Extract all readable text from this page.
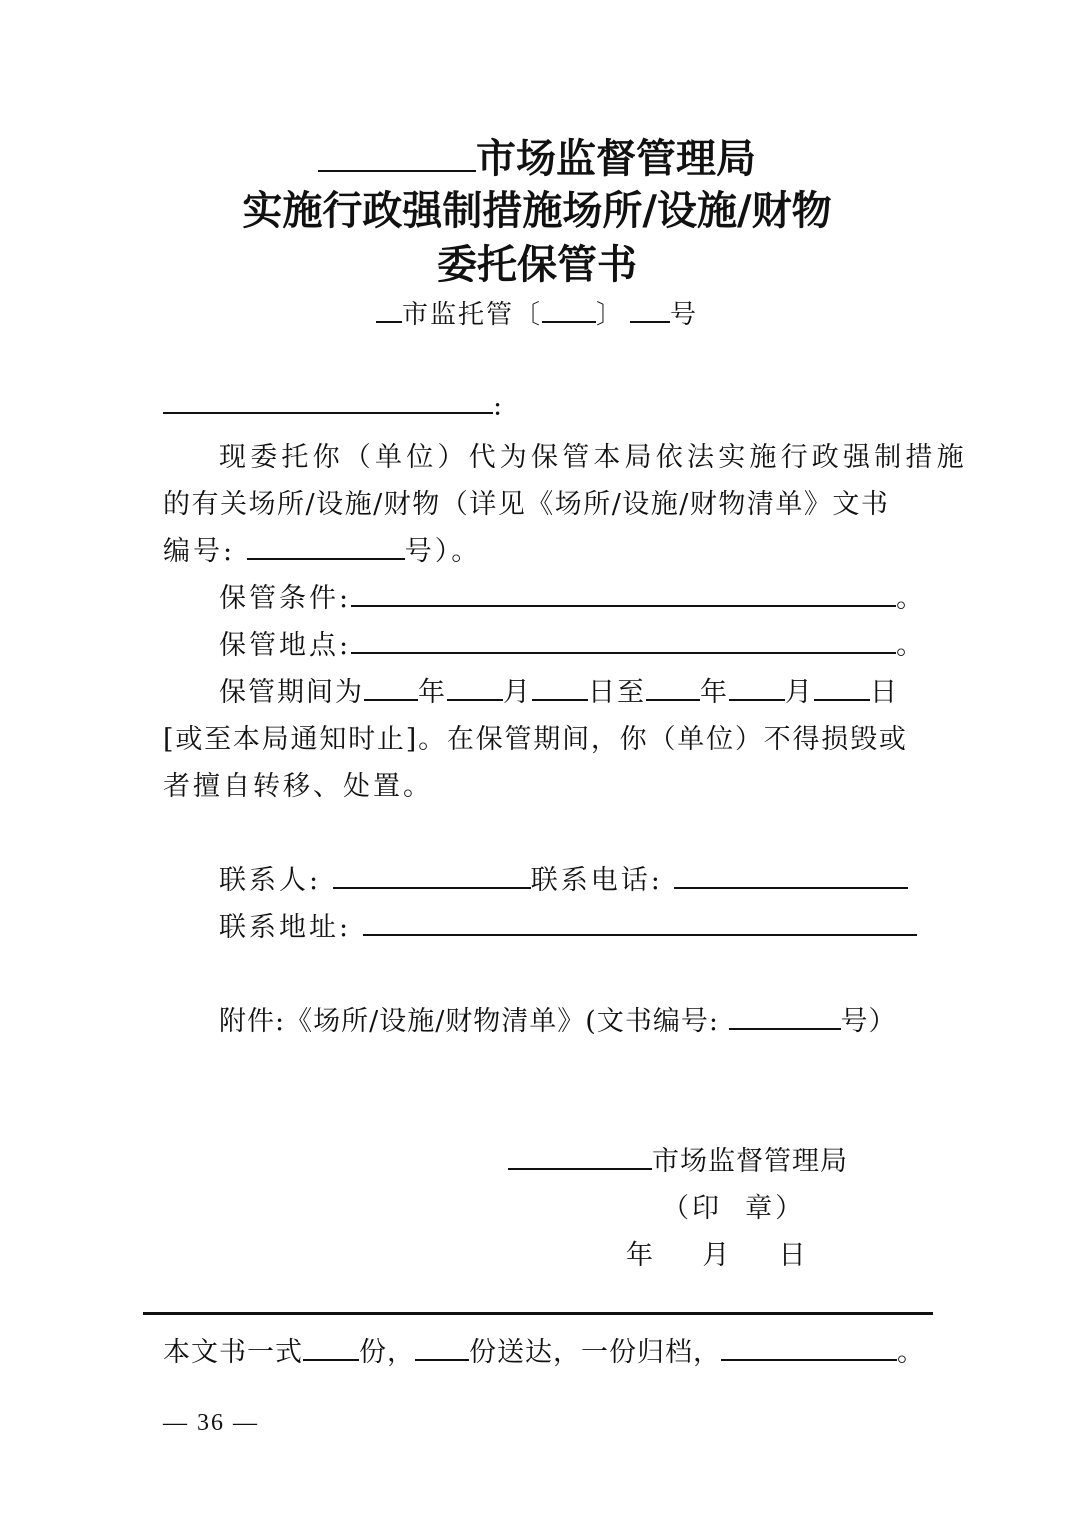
市场监督管理局
实施行政强制措施场所/设施/财物
委托保管书
市监托管〔 〕 号
:
现委托你（单位）代为保管本局依法实施行政强制措施
的有关场所/设施/财物（详见《场所/设施/财物清单》文书
编号:	号）。
保管条件:	。
保管地点:	。
保管期间为 年 月 日至 年 月 日
[或至本局通知时止]。在保管期间，你（单位）不得损毁或
者擅自转移、处置。
联系人:	联系电话:
联系地址:
附件:《场所/设施/财物清单》(文书编号:	号）
市场监督管理局
（印  章）
年    月    日
本文书一式 份， 份送达，一份归档，	。
— 36 —
